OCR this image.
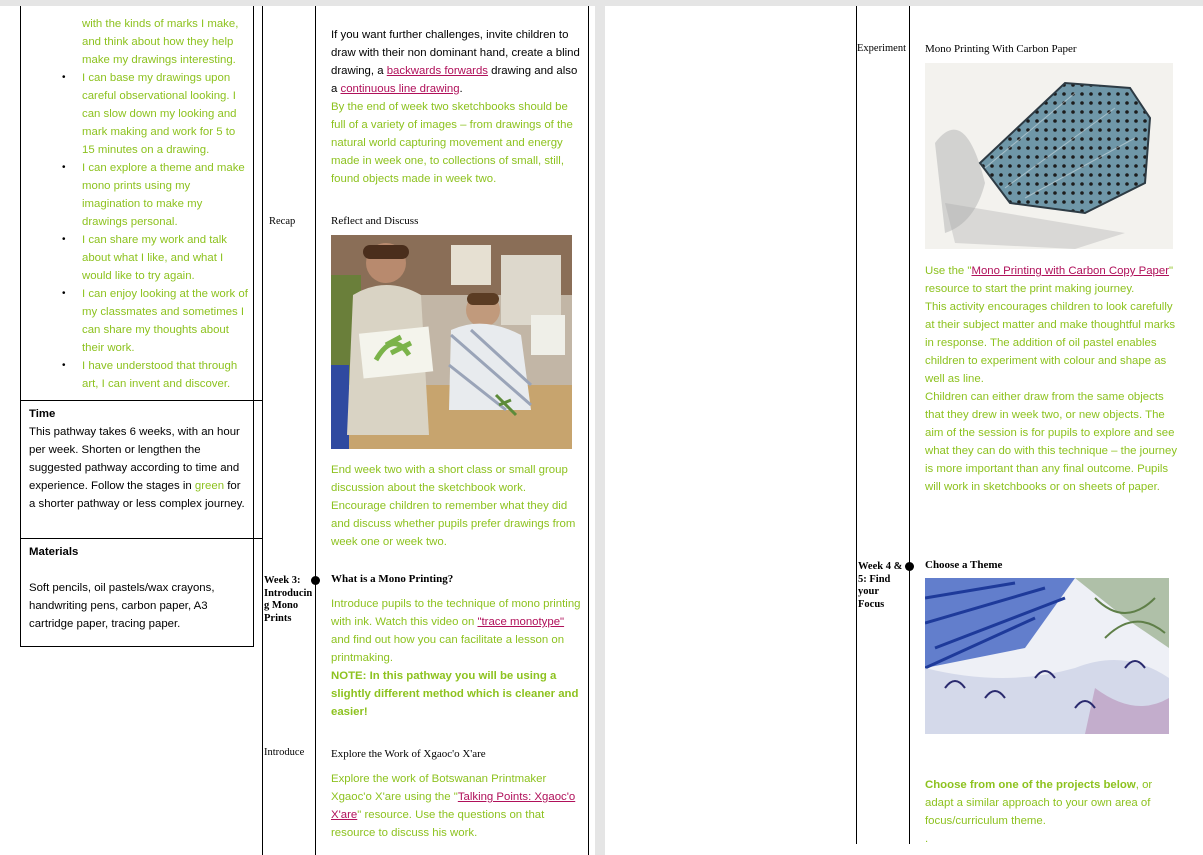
with the kinds of marks I make, and think about how they help make my drawings interesting.

• I can base my drawings upon careful observational looking. I can slow down my looking and mark making and work for 5 to 15 minutes on a drawing.
• I can explore a theme and make mono prints using my imagination to make my drawings personal.
• I can share my work and talk about what I like, and what I would like to try again.
• I can enjoy looking at the work of my classmates and sometimes I can share my thoughts about their work.
• I have understood that through art, I can invent and discover.

Time

This pathway takes 6 weeks, with an hour per week. Shorten or lengthen the suggested pathway according to time and experience. Follow the stages in green for a shorter pathway or less complex journey.

Materials

Soft pencils, oil pastels/wax crayons, handwriting pens, carbon paper, A3 cartridge paper, tracing paper.

If you want further challenges, invite children to draw with their non dominant hand, create a blind drawing, a backwards forwards drawing and also a continuous line drawing.

By the end of week two sketchbooks should be full of a variety of images – from drawings of the natural world capturing movement and energy made in week one, to collections of small, still, found objects made in week two.

Recap	Reflect and Discuss
End week two with a short class or small group discussion about the sketchbook work. Encourage children to remember what they did and discuss whether pupils prefer drawings from week one or week two.
Week 3:
Introducin
g Mono
Prints
What is a Mono Printing?

Introduce pupils to the technique of mono printing with ink. Watch this video on "trace monotype" and find out how you can facilitate a lesson on printmaking.

NOTE: In this pathway you will be using a slightly different method which is cleaner and easier!

Introduce Explore the Work of Xgaoc'o X'are

Explore the work of Botswanan Printmaker Xgaoc'o X'are using the "Talking Points: Xgaoc'o X'are" resource. Use the questions on that resource to discuss his work.

Experiment Mono Printing With Carbon Paper

Use the "Mono Printing with Carbon Copy Paper" resource to start the print making journey.

This activity encourages children to look carefully at their subject matter and make thoughtful marks in response. The addition of oil pastel enables children to experiment with colour and shape as well as line.

Children can either draw from the same objects that they drew in week two, or new objects. The aim of the session is for pupils to explore and see what they can do with this technique – the journey is more important than any final outcome. Pupils will work in sketchbooks or on sheets of paper.

Week 4 &
5: Find
your
Focus
Choose a Theme

Choose from one of the projects below, or adapt a similar approach to your own area of focus/curriculum theme.

.
